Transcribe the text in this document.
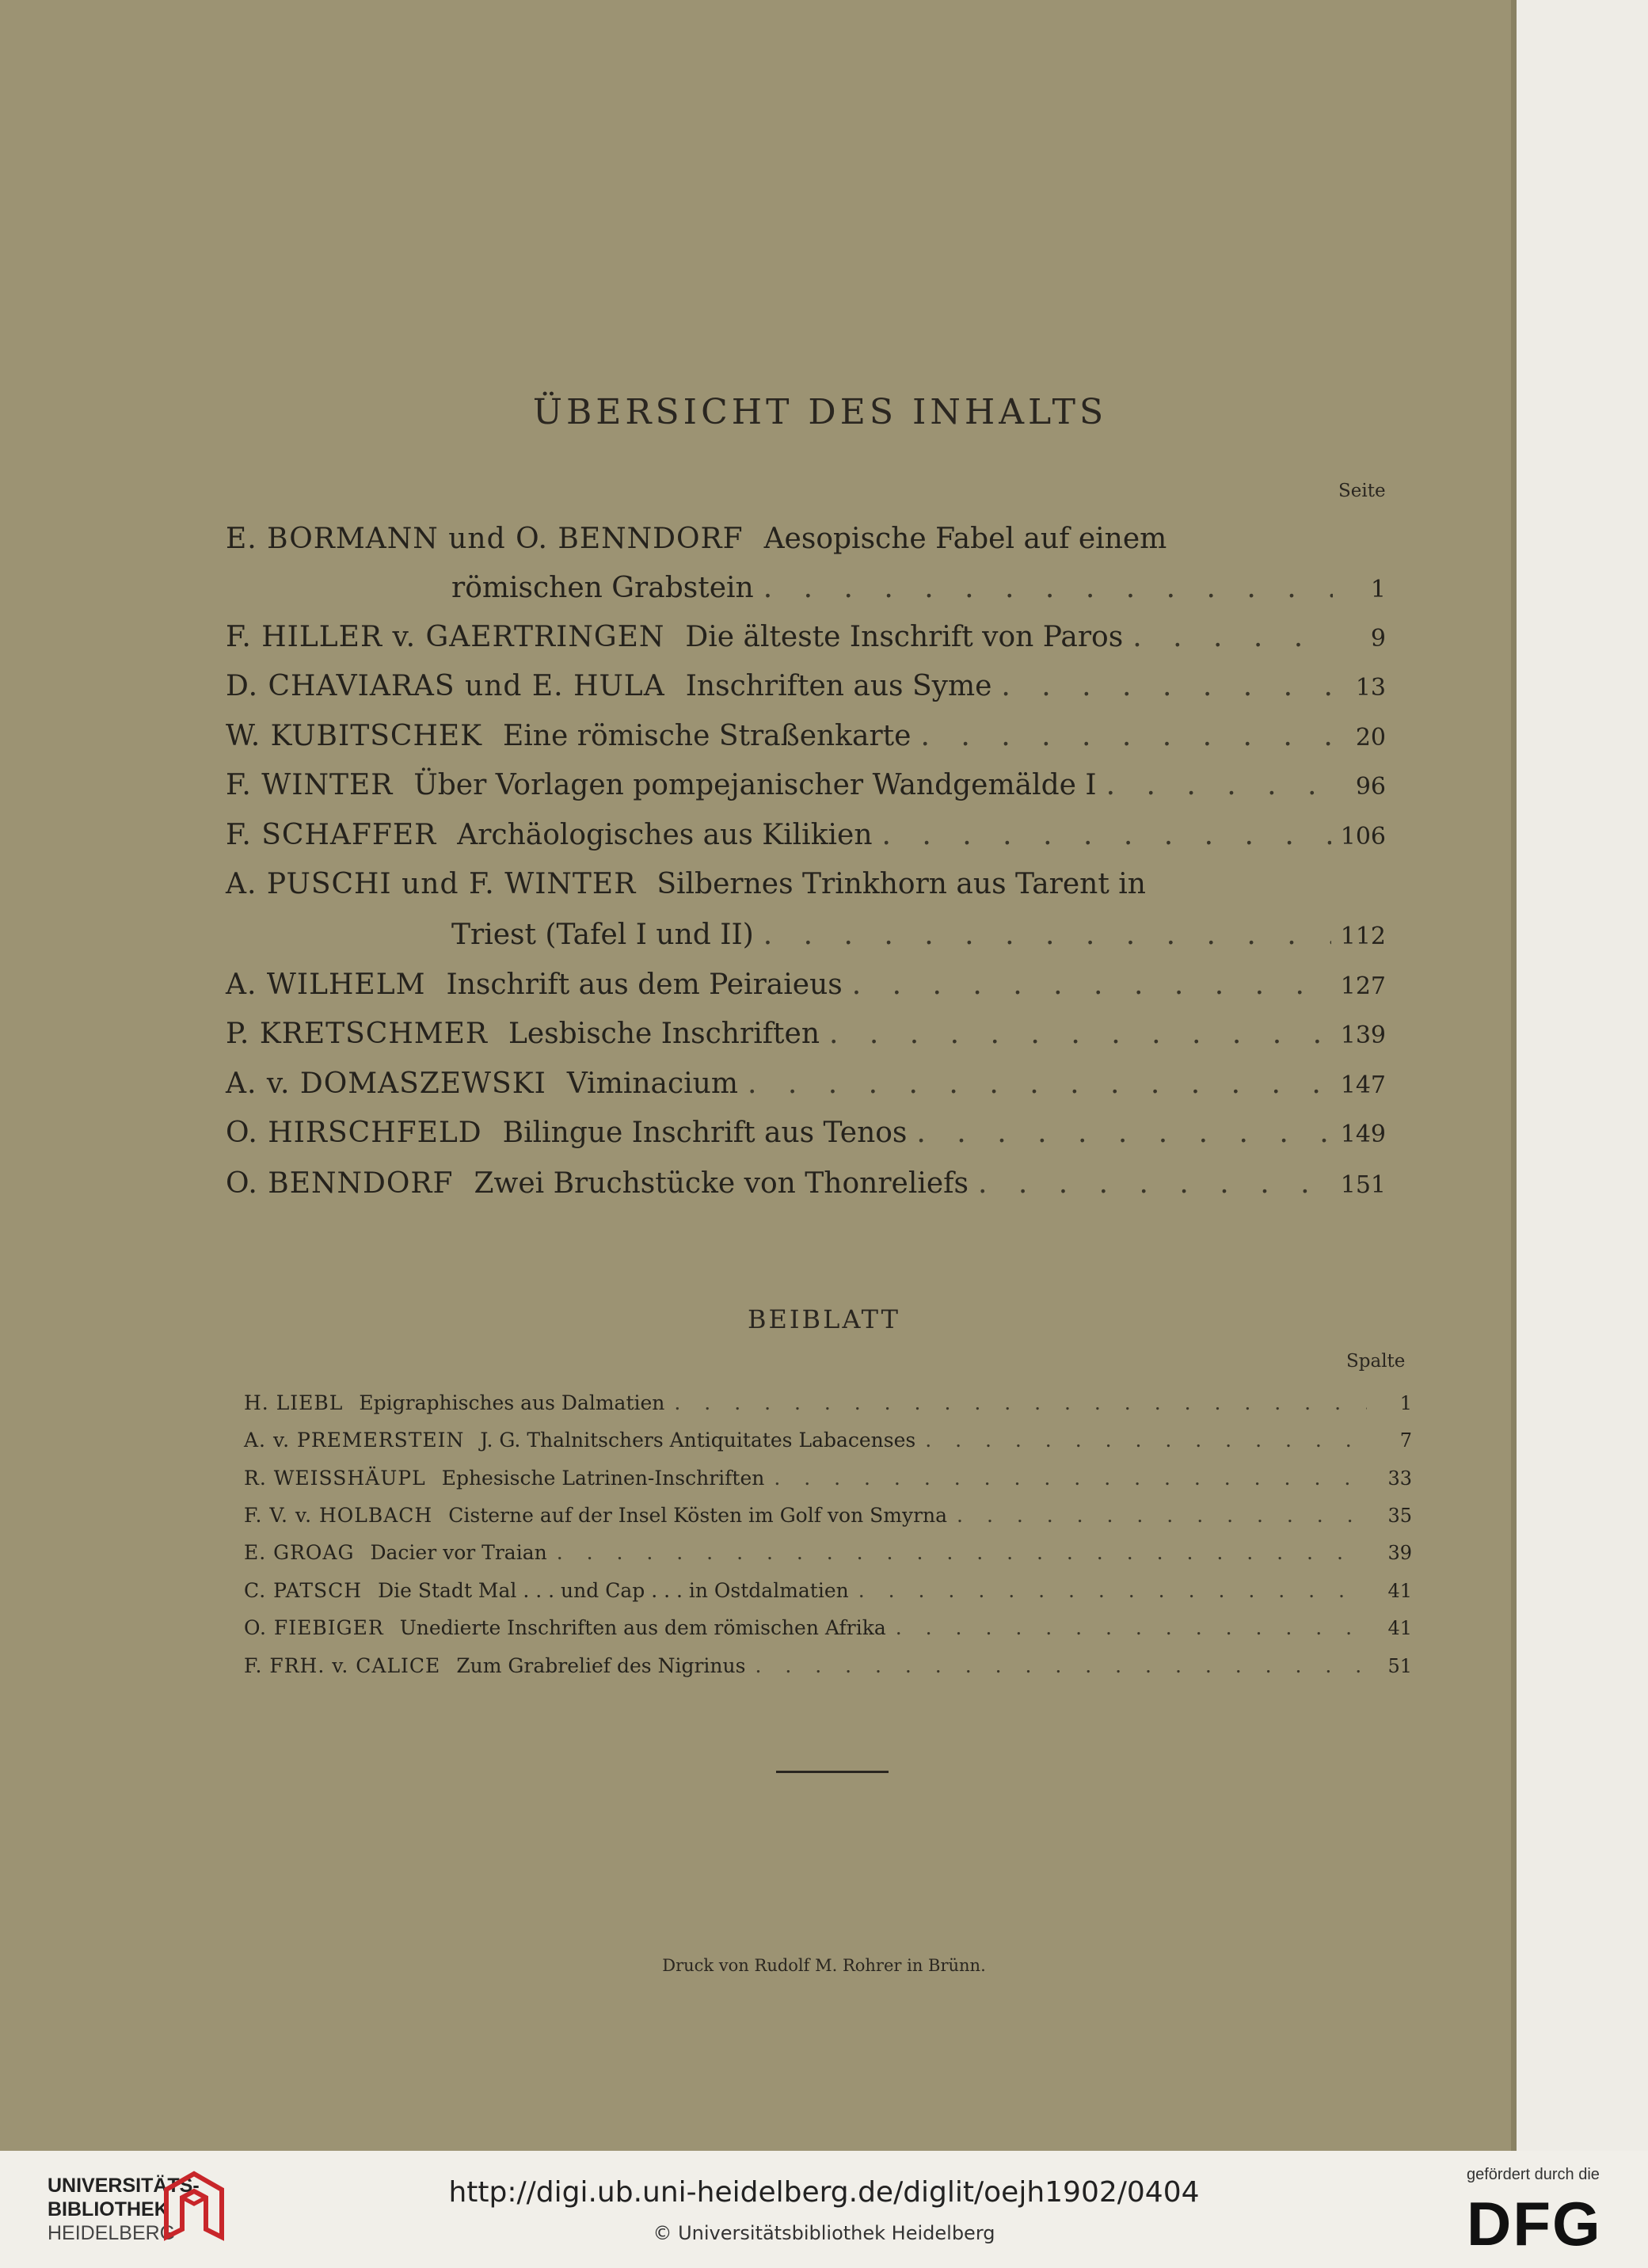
ÜBERSICHT DES INHALTS
Seite
E. BORMANN und O. BENNDORF Aesopische Fabel auf einem
römischen Grabstein . . .	1
F. HILLER v. GAERTRINGEN Die älteste Inschrift von Paros . . .	9
D. CHAVIARAS und E. HULA Inschriften aus Syme . . .	13
W. KUBITSCHEK Eine römische Straßenkarte . . .	20
F. WINTER Über Vorlagen pompejanischer Wandgemälde I . . .	96
F. SCHAFFER Archäologisches aus Kilikien . . .	106
A. PUSCHI und F. WINTER Silbernes Trinkhorn aus Tarent in
Triest (Tafel I und II) . . .	112
A. WILHELM Inschrift aus dem Peiraieus . . .	127
P. KRETSCHMER Lesbische Inschriften . . .	139
A. v. DOMASZEWSKI Viminacium . . .	147
O. HIRSCHFELD Bilingue Inschrift aus Tenos . . .	149
O. BENNDORF Zwei Bruchstücke von Thonreliefs . . .	151
BEIBLATT
Spalte
H. LIEBL Epigraphisches aus Dalmatien . . .	1
A. v. PREMERSTEIN J. G. Thalnitschers Antiquitates Labacenses . . .	7
R. WEISSHÄUPL Ephesische Latrinen-Inschriften . . .	33
F. V. v. HOLBACH Cisterne auf der Insel Kösten im Golf von Smyrna . . .	35
E. GROAG Dacier vor Traian . . .	39
C. PATSCH Die Stadt Mal . . . und Cap . . . in Ostdalmatien . . .	41
O. FIEBIGER Unedierte Inschriften aus dem römischen Afrika . . .	41
F. FRH. v. CALICE Zum Grabrelief des Nigrinus . . .	51
Druck von Rudolf M. Rohrer in Brünn.
UNIVERSITÄTS-
BIBLIOTHEK
HEIDELBERG
http://digi.ub.uni-heidelberg.de/diglit/oejh1902/0404
© Universitätsbibliothek Heidelberg
gefördert durch die
DFG
